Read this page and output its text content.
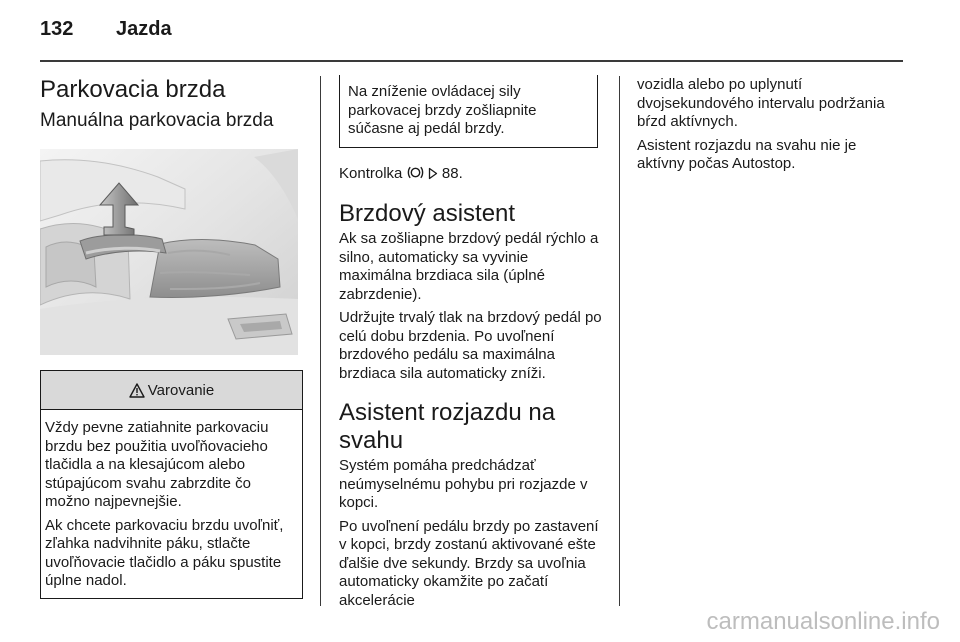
132 Jazda
Parkovacia brzda
Manuálna parkovacia brzda
Varovanie

Vždy pevne zatiahnite parkovaciu brzdu bez použitia uvoľňovacieho tlačidla a na klesajúcom alebo stúpajúcom svahu zabrzdite čo možno najpevnejšie.

Ak chcete parkovaciu brzdu uvoľniť, zľahka nadvihnite páku, stlačte uvoľňovacie tlačidlo a páku spustite úplne nadol.

Na zníženie ovládacej sily parkovacej brzdy zošliapnite súčasne aj pedál brzdy.

Kontrolka	88.

Brzdový asistent

Ak sa zošliapne brzdový pedál rýchlo a silno, automaticky sa vyvinie maximálna brzdiaca sila (úplné zabrzdenie).

Udržujte trvalý tlak na brzdový pedál po celú dobu brzdenia. Po uvoľnení brzdového pedálu sa maximálna brzdiaca sila automaticky zníži.

Asistent rozjazdu na svahu

Systém pomáha predchádzať neúmyselnému pohybu pri rozjazde v kopci.

Po uvoľnení pedálu brzdy po zastavení v kopci, brzdy zostanú aktivované ešte ďalšie dve sekundy. Brzdy sa uvoľnia automaticky okamžite po začatí akcelerácie

vozidla alebo po uplynutí dvojsekundového intervalu podržania bŕzd aktívnych.

Asistent rozjazdu na svahu nie je aktívny počas Autostop.

carmanualsonline.info
